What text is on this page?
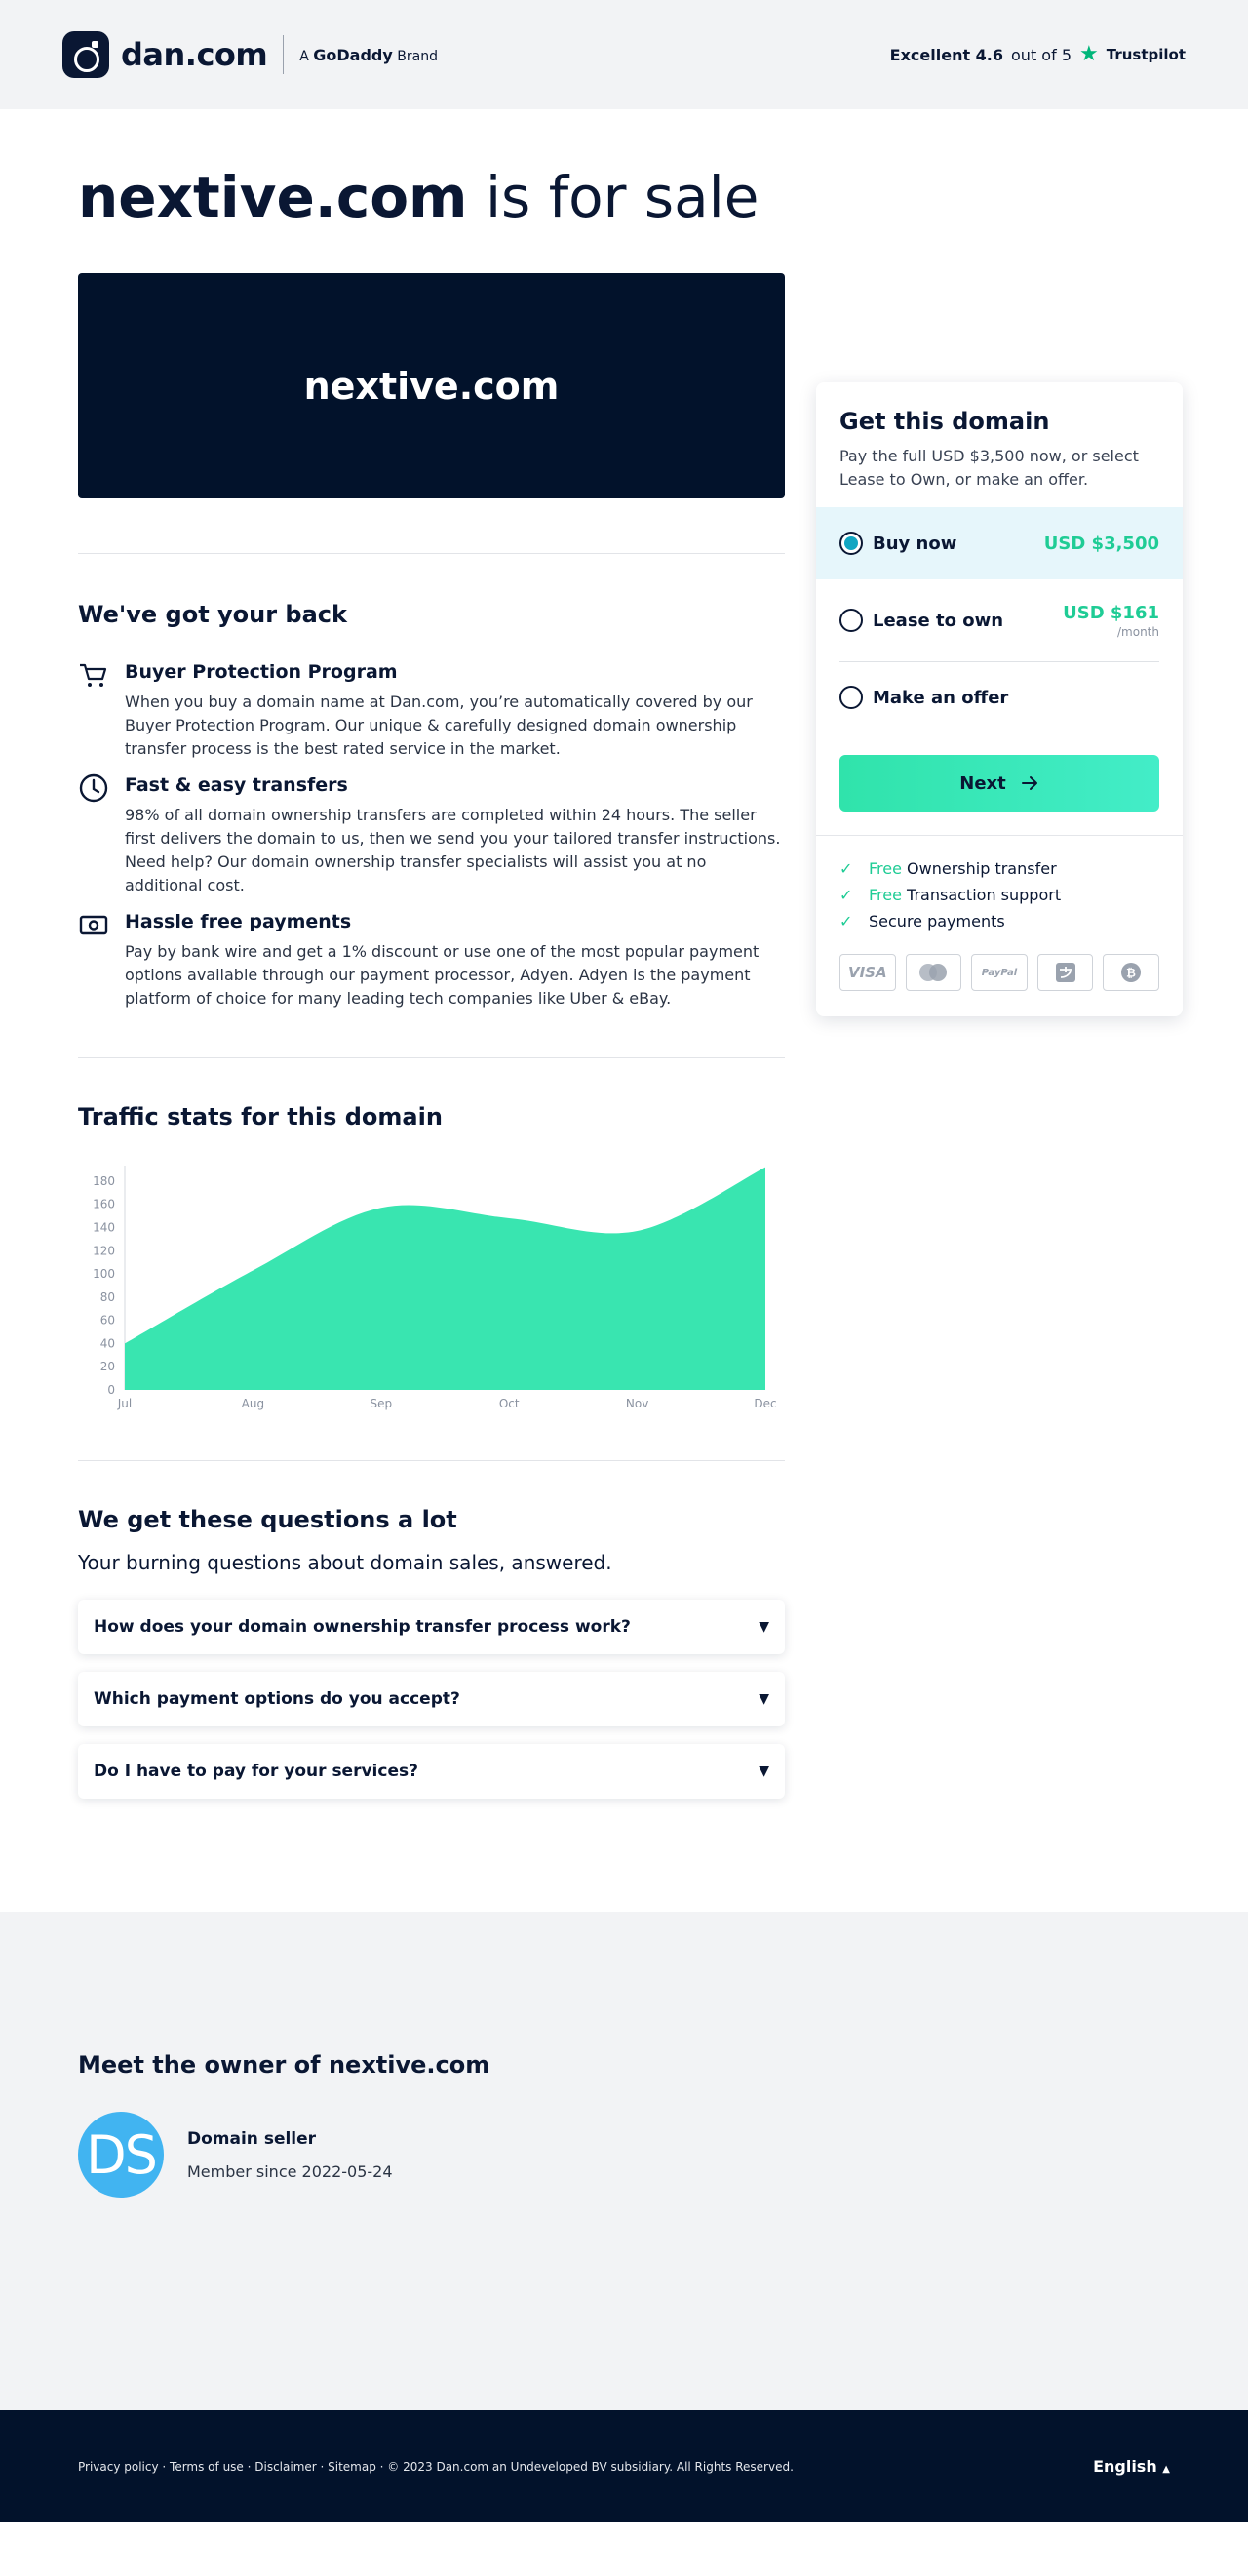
dan.com A GoDaddy Brand	Excellent 4.6 out of 5 ★ Trustpilot
nextive.com is for sale
nextive.com
We've got your back
Buyer Protection Program

When you buy a domain name at Dan.com, you’re automatically covered by our Buyer Protection Program. Our unique & carefully designed domain ownership transfer process is the best rated service in the market.

Fast & easy transfers

98% of all domain ownership transfers are completed within 24 hours. The seller first delivers the domain to us, then we send you your tailored transfer instructions. Need help? Our domain ownership transfer specialists will assist you at no additional cost.

Hassle free payments

Pay by bank wire and get a 1% discount or use one of the most popular payment options available through our payment processor, Adyen. Adyen is the payment platform of choice for many leading tech companies like Uber & eBay.

Traffic stats for this domain
0
20
40
60
80
100
120
140
160
180
Jul	Aug	Sep	Oct	Nov	Dec
We get these questions a lot

Your burning questions about domain sales, answered.

How does your domain ownership transfer process work?	▼
Which payment options do you accept?	▼
Do I have to pay for your services?	▼
Get this domain

Pay the full USD $3,500 now, or select Lease to Own, or make an offer.

Buy now	USD $3,500
Lease to own	USD $161
/month
Make an offer
Next
✓	Free Ownership transfer
✓	Free Transaction support
✓	Secure payments
VISA	PayPal	₿
Meet the owner of nextive.com
DS	Domain seller
Member since 2022-05-24
Privacy policy · Terms of use · Disclaimer · Sitemap · © 2023 Dan.com an Undeveloped BV subsidiary. All Rights Reserved.	English ▲
